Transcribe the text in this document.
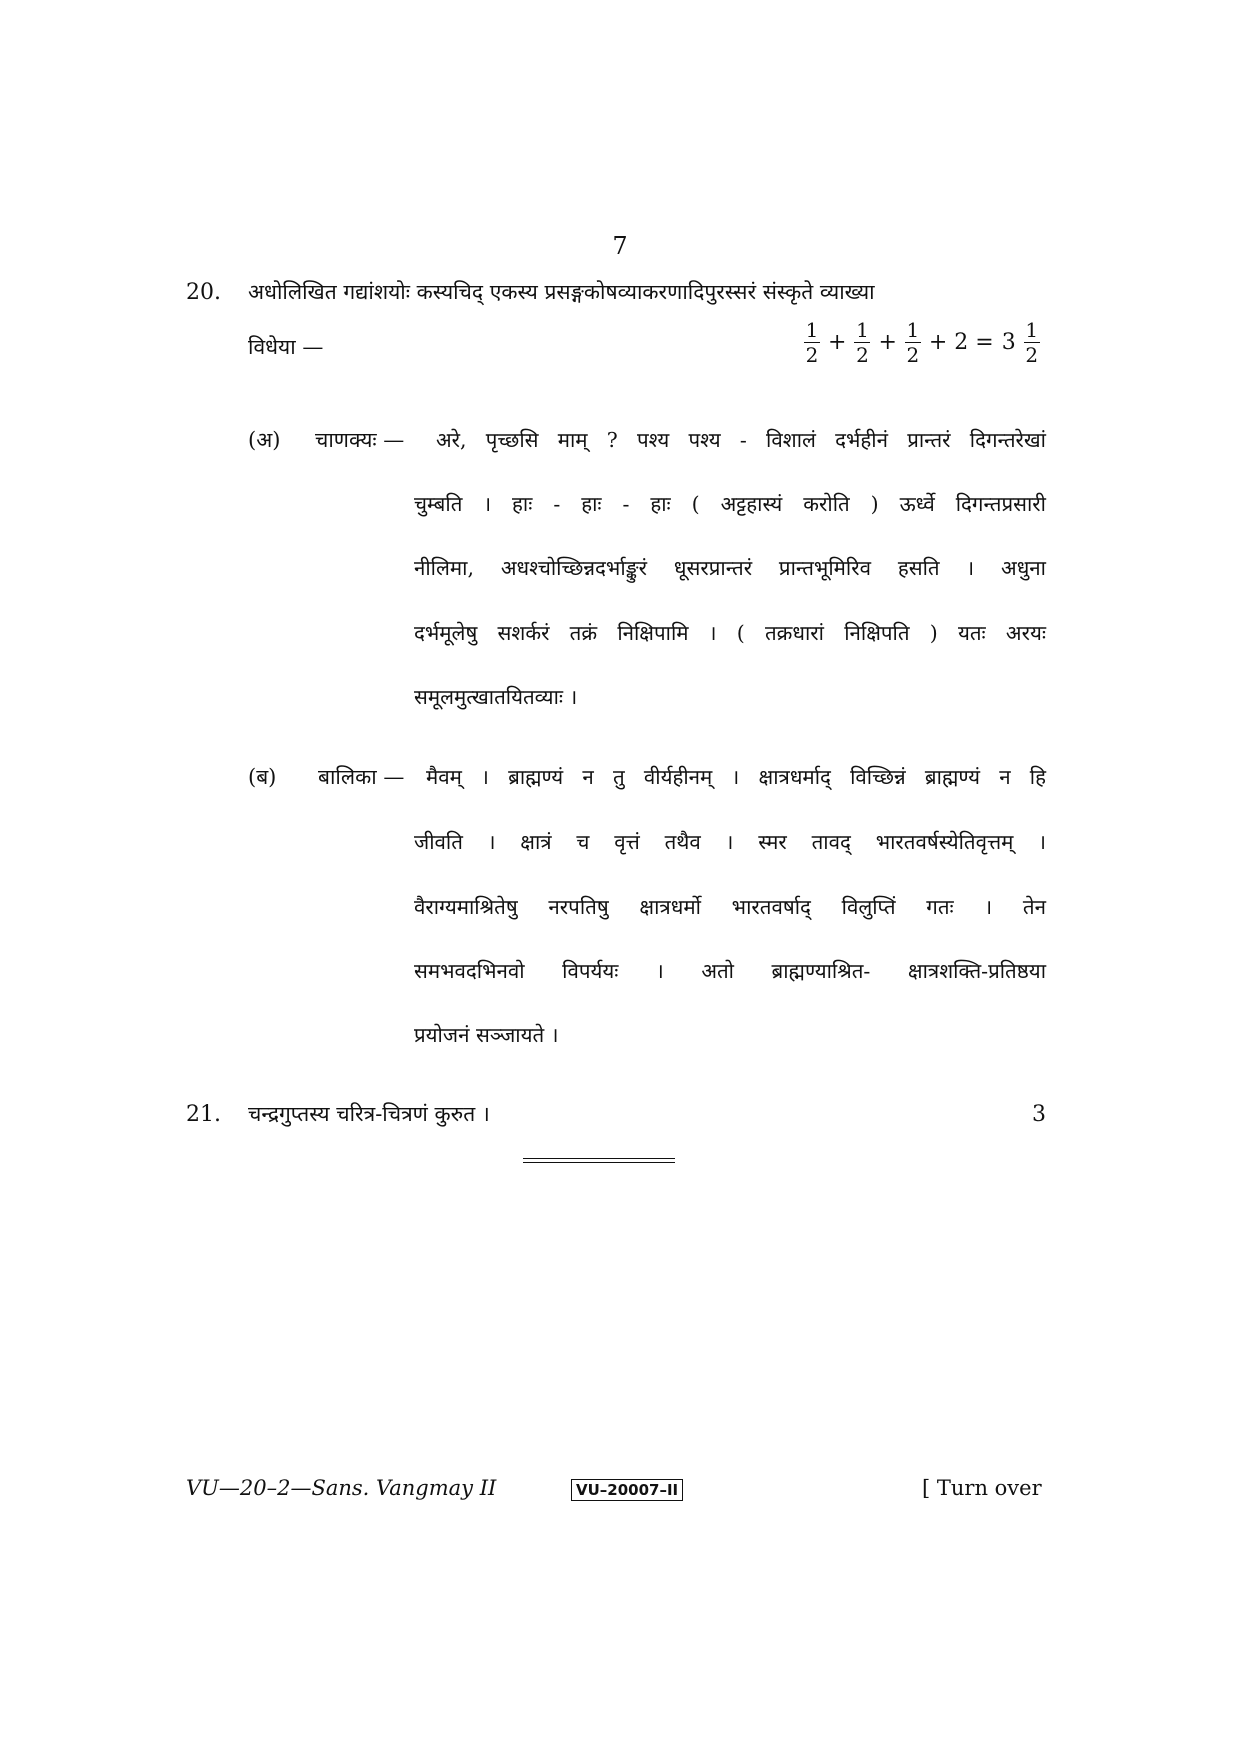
7
20. अधोलिखित गद्यांशयोः कस्यचिद् एकस्य प्रसङ्गकोषव्याकरणादिपुरस्सरं संस्कृते व्याख्या
विधेया —	$\frac{1}{2} + \frac{1}{2} + \frac{1}{2} + 2 = 3 \frac{1}{2}$
(अ) चाणक्यः — अरे, पृच्छसि माम् ? पश्य पश्य - विशालं दर्भहीनं प्रान्तरं दिगन्तरेखां
चुम्बति । हाः - हाः - हाः ( अट्टहास्यं करोति ) ऊर्ध्वे दिगन्तप्रसारी
नीलिमा, अधश्चोच्छिन्नदर्भाङ्कुरं धूसरप्रान्तरं प्रान्तभूमिरिव हसति । अधुना
दर्भमूलेषु सशर्करं तक्रं निक्षिपामि । ( तक्रधारां निक्षिपति ) यतः अरयः
समूलमुत्खातयितव्याः ।
(ब) बालिका — मैवम् । ब्राह्मण्यं न तु वीर्यहीनम् । क्षात्रधर्माद् विच्छिन्नं ब्राह्मण्यं न हि
जीवति । क्षात्रं च वृत्तं तथैव । स्मर तावद् भारतवर्षस्येतिवृत्तम् ।
वैराग्यमाश्रितेषु नरपतिषु क्षात्रधर्मो भारतवर्षाद् विलुप्तिं गतः । तेन
समभवदभिनवो विपर्ययः । अतो ब्राह्मण्याश्रित- क्षात्रशक्ति-प्रतिष्ठया
प्रयोजनं सञ्जायते ।
21. चन्द्रगुप्तस्य चरित्र-चित्रणं कुरुत ।	3
VU—20–2—Sans. Vangmay II	VU–20007–II	[ Turn over
